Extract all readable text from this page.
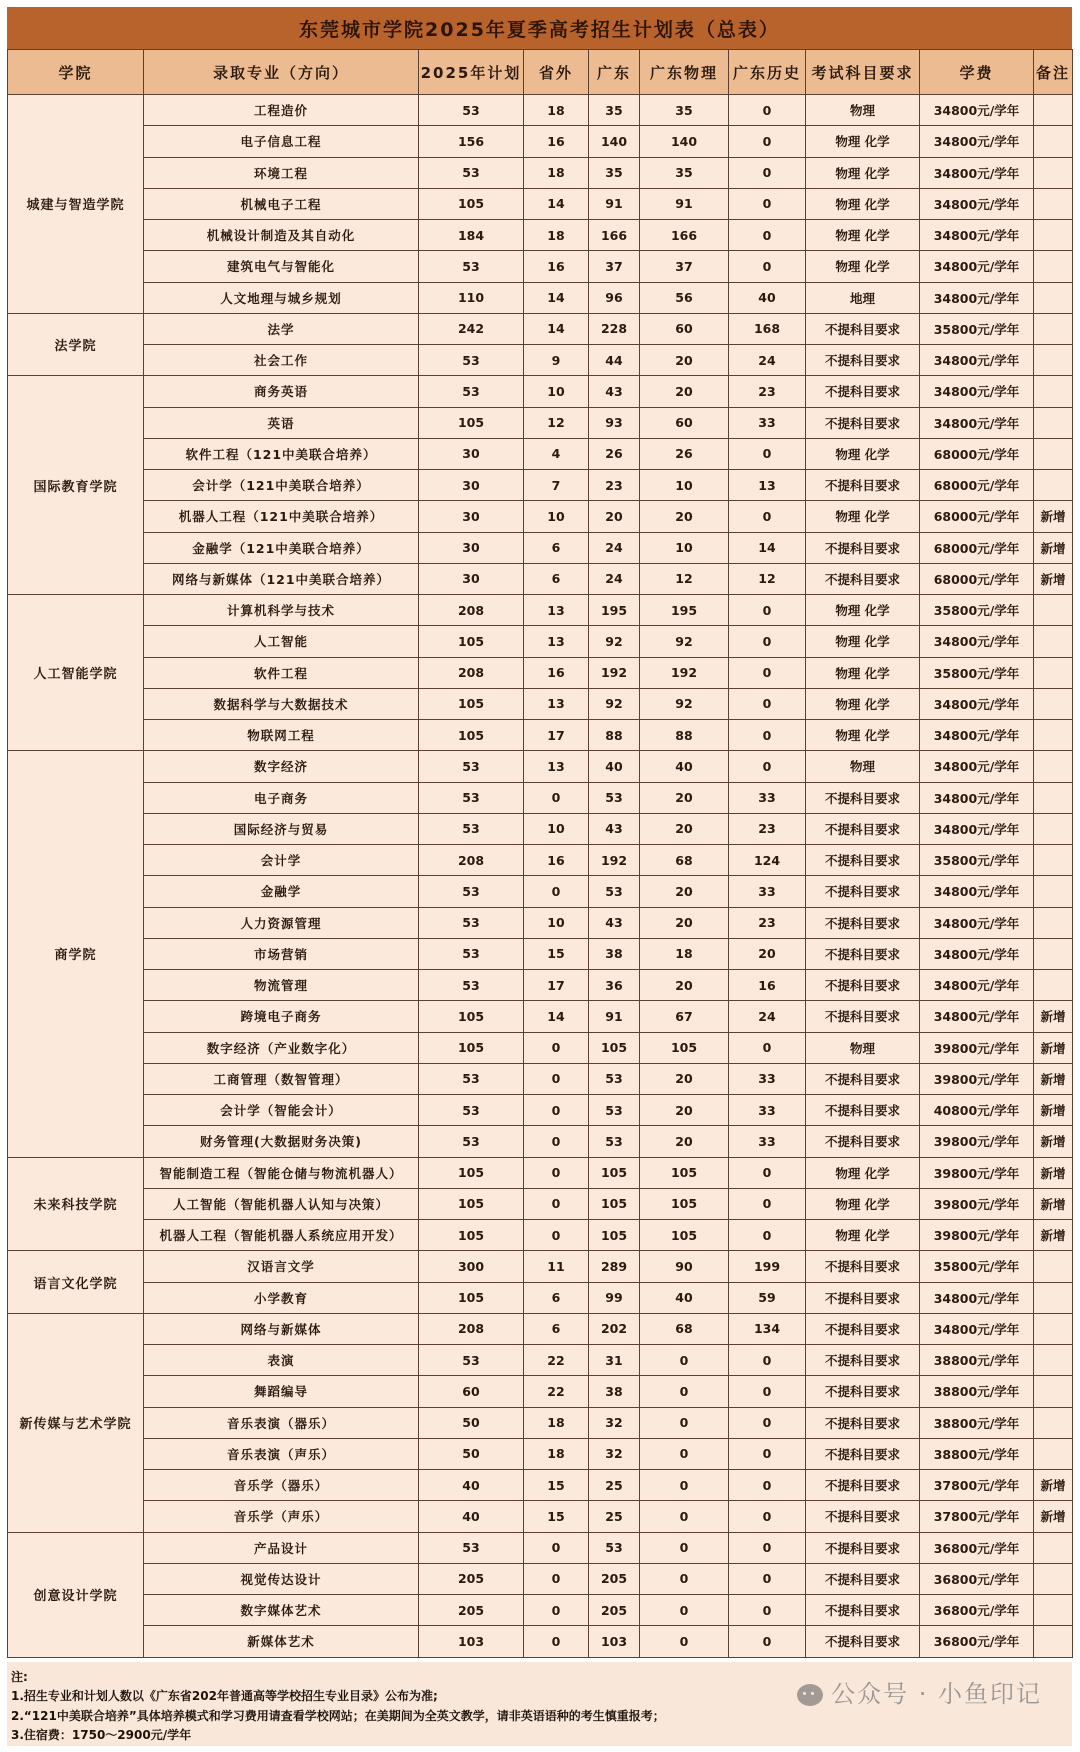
东莞城市学院2025年夏季高考招生计划表（总表）
学院	录取专业（方向）	2025年计划	省外	广东	广东物理	广东历史	考试科目要求	学费	备注
城建与智造学院	工程造价	53	18	35	35	0	物理	34800元/学年	
	电子信息工程	156	16	140	140	0	物理 化学	34800元/学年	
	环境工程	53	18	35	35	0	物理 化学	34800元/学年	
	机械电子工程	105	14	91	91	0	物理 化学	34800元/学年	
	机械设计制造及其自动化	184	18	166	166	0	物理 化学	34800元/学年	
	建筑电气与智能化	53	16	37	37	0	物理 化学	34800元/学年	
	人文地理与城乡规划	110	14	96	56	40	地理	34800元/学年	
法学院	法学	242	14	228	60	168	不提科目要求	35800元/学年	
	社会工作	53	9	44	20	24	不提科目要求	34800元/学年	
国际教育学院	商务英语	53	10	43	20	23	不提科目要求	34800元/学年	
	英语	105	12	93	60	33	不提科目要求	34800元/学年	
	软件工程（121中美联合培养）	30	4	26	26	0	物理 化学	68000元/学年	
	会计学（121中美联合培养）	30	7	23	10	13	不提科目要求	68000元/学年	
	机器人工程（121中美联合培养）	30	10	20	20	0	物理 化学	68000元/学年	新增
	金融学（121中美联合培养）	30	6	24	10	14	不提科目要求	68000元/学年	新增
	网络与新媒体（121中美联合培养）	30	6	24	12	12	不提科目要求	68000元/学年	新增
人工智能学院	计算机科学与技术	208	13	195	195	0	物理 化学	35800元/学年	
	人工智能	105	13	92	92	0	物理 化学	34800元/学年	
	软件工程	208	16	192	192	0	物理 化学	35800元/学年	
	数据科学与大数据技术	105	13	92	92	0	物理 化学	34800元/学年	
	物联网工程	105	17	88	88	0	物理 化学	34800元/学年	
商学院	数字经济	53	13	40	40	0	物理	34800元/学年	
	电子商务	53	0	53	20	33	不提科目要求	34800元/学年	
	国际经济与贸易	53	10	43	20	23	不提科目要求	34800元/学年	
	会计学	208	16	192	68	124	不提科目要求	35800元/学年	
	金融学	53	0	53	20	33	不提科目要求	34800元/学年	
	人力资源管理	53	10	43	20	23	不提科目要求	34800元/学年	
	市场营销	53	15	38	18	20	不提科目要求	34800元/学年	
	物流管理	53	17	36	20	16	不提科目要求	34800元/学年	
	跨境电子商务	105	14	91	67	24	不提科目要求	34800元/学年	新增
	数字经济（产业数字化）	105	0	105	105	0	物理	39800元/学年	新增
	工商管理（数智管理）	53	0	53	20	33	不提科目要求	39800元/学年	新增
	会计学（智能会计）	53	0	53	20	33	不提科目要求	40800元/学年	新增
	财务管理(大数据财务决策)	53	0	53	20	33	不提科目要求	39800元/学年	新增
未来科技学院	智能制造工程（智能仓储与物流机器人）	105	0	105	105	0	物理 化学	39800元/学年	新增
	人工智能（智能机器人认知与决策）	105	0	105	105	0	物理 化学	39800元/学年	新增
	机器人工程（智能机器人系统应用开发）	105	0	105	105	0	物理 化学	39800元/学年	新增
语言文化学院	汉语言文学	300	11	289	90	199	不提科目要求	35800元/学年	
	小学教育	105	6	99	40	59	不提科目要求	34800元/学年	
新传媒与艺术学院	网络与新媒体	208	6	202	68	134	不提科目要求	34800元/学年	
	表演	53	22	31	0	0	不提科目要求	38800元/学年	
	舞蹈编导	60	22	38	0	0	不提科目要求	38800元/学年	
	音乐表演（器乐）	50	18	32	0	0	不提科目要求	38800元/学年	
	音乐表演（声乐）	50	18	32	0	0	不提科目要求	38800元/学年	
	音乐学（器乐）	40	15	25	0	0	不提科目要求	37800元/学年	新增
	音乐学（声乐）	40	15	25	0	0	不提科目要求	37800元/学年	新增
创意设计学院	产品设计	53	0	53	0	0	不提科目要求	36800元/学年	
	视觉传达设计	205	0	205	0	0	不提科目要求	36800元/学年	
	数字媒体艺术	205	0	205	0	0	不提科目要求	36800元/学年	
	新媒体艺术	103	0	103	0	0	不提科目要求	36800元/学年	
注:
1.招生专业和计划人数以《广东省202年普通高等学校招生专业目录》公布为准;
2.“121中美联合培养”具体培养模式和学习费用请查看学校网站；在美期间为全英文教学，请非英语语种的考生慎重报考；
3.住宿费：1750～2900元/学年
公众号 · 小鱼印记
